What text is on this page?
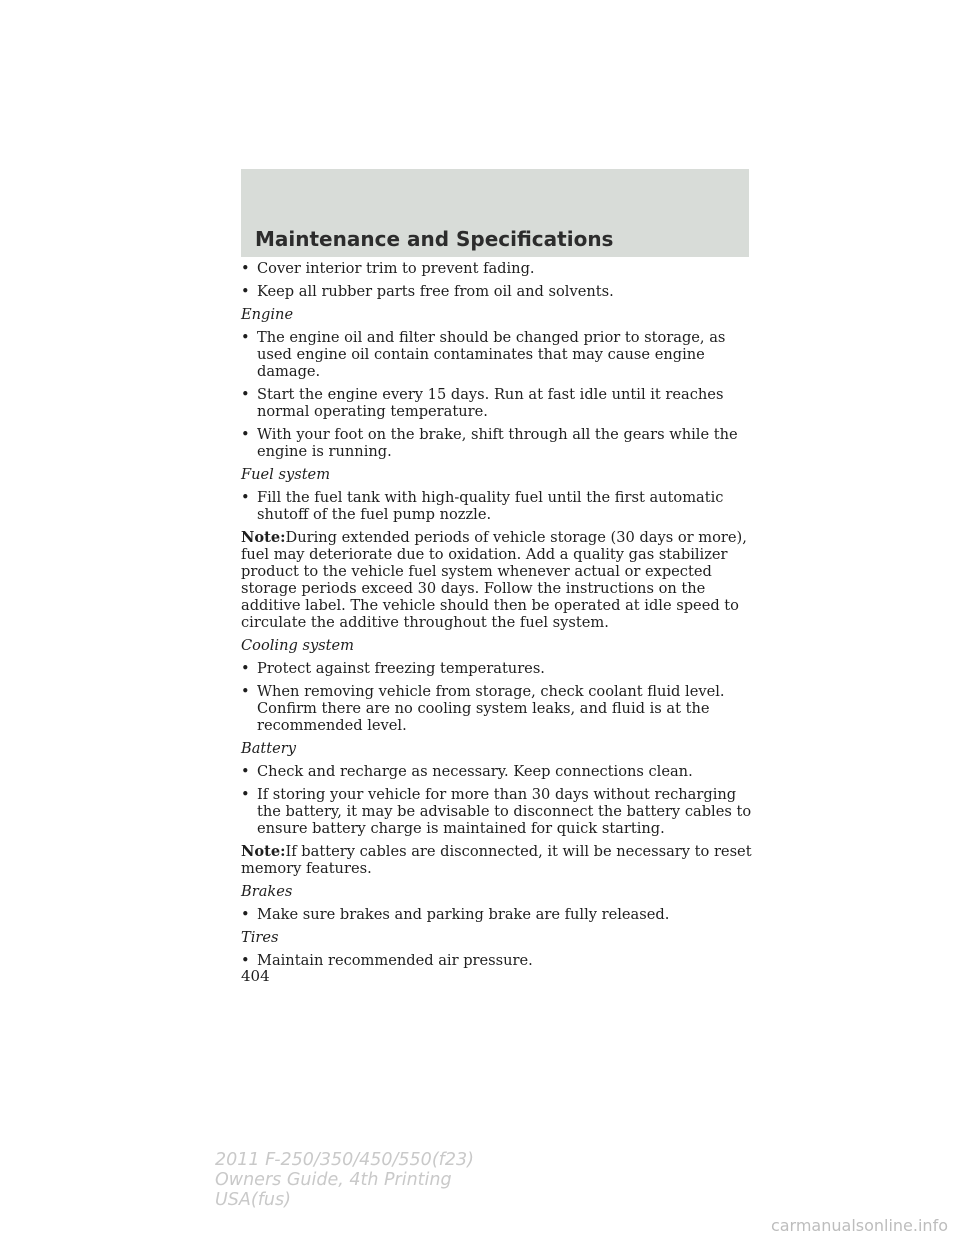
Maintenance and Specifications
• Cover interior trim to prevent fading.
• Keep all rubber parts free from oil and solvents.

Engine

• The engine oil and filter should be changed prior to storage, as used engine oil contain contaminates that may cause engine damage.
• Start the engine every 15 days. Run at fast idle until it reaches normal operating temperature.
• With your foot on the brake, shift through all the gears while the engine is running.

Fuel system

• Fill the fuel tank with high-quality fuel until the first automatic shutoff of the fuel pump nozzle.

Note:During extended periods of vehicle storage (30 days or more), fuel may deteriorate due to oxidation. Add a quality gas stabilizer product to the vehicle fuel system whenever actual or expected storage periods exceed 30 days. Follow the instructions on the additive label. The vehicle should then be operated at idle speed to circulate the additive throughout the fuel system.

Cooling system

• Protect against freezing temperatures.
• When removing vehicle from storage, check coolant fluid level. Confirm there are no cooling system leaks, and fluid is at the recommended level.

Battery

• Check and recharge as necessary. Keep connections clean.
• If storing your vehicle for more than 30 days without recharging the battery, it may be advisable to disconnect the battery cables to ensure battery charge is maintained for quick starting.

Note:If battery cables are disconnected, it will be necessary to reset memory features.

Brakes

• Make sure brakes and parking brake are fully released.

Tires

• Maintain recommended air pressure.

404

2011 F-250/350/450/550(f23)
Owners Guide, 4th Printing
USA(fus)
carmanualsonline.info
